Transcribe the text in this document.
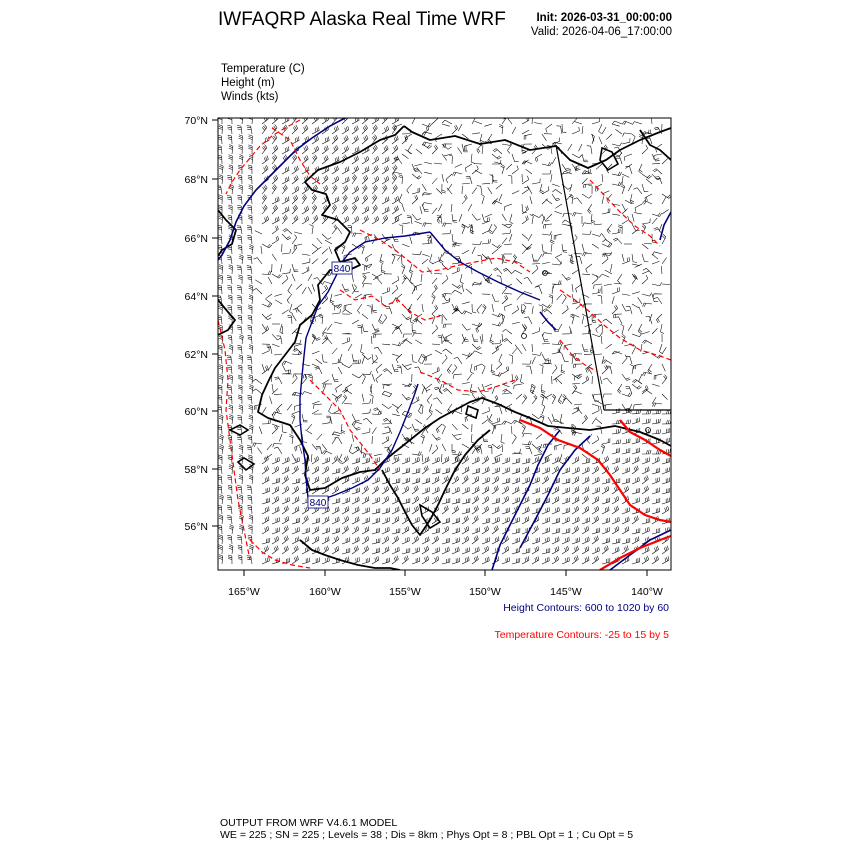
IWFAQRP Alaska Real Time WRF	Init: 2026-03-31_00:00:00
Valid: 2026-04-06_17:00:00
Temperature (C)
Height (m)
Winds (kts)
840
840
70°N
68°N
66°N
64°N
62°N
60°N
58°N
56°N
165°W	160°W	155°W	150°W	145°W	140°W
Height Contours: 600 to 1020 by 60
Temperature Contours: -25 to 15 by 5
OUTPUT FROM WRF V4.6.1 MODEL
WE = 225 ; SN = 225 ; Levels = 38 ; Dis = 8km ; Phys Opt = 8 ; PBL Opt = 1 ; Cu Opt = 5
